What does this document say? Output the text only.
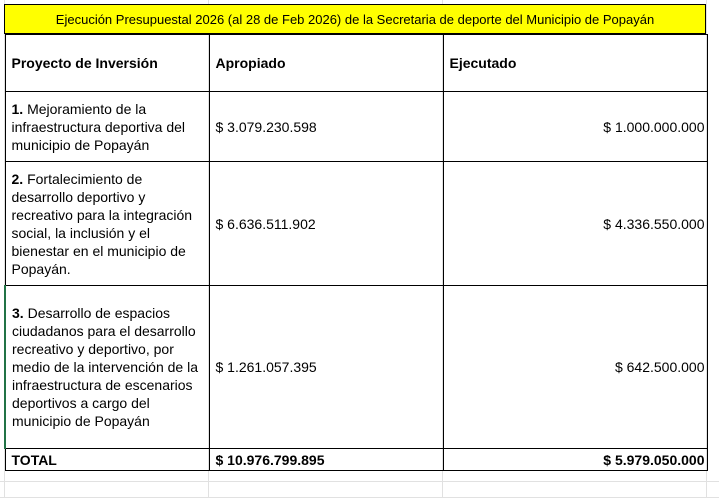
Ejecución Presupuestal 2026 (al 28 de Feb 2026) de la Secretaria de deporte del Municipio de Popayán
Proyecto de Inversión	Apropiado	Ejecutado
1. Mejoramiento de la infraestructura deportiva del municipio de Popayán	$ 3.079.230.598	$ 1.000.000.000
2. Fortalecimiento de desarrollo deportivo y recreativo para la integración social, la inclusión y el bienestar en el municipio de Popayán.	$ 6.636.511.902	$ 4.336.550.000
3. Desarrollo de espacios ciudadanos para el desarrollo recreativo y deportivo, por medio de la intervención de la infraestructura de escenarios deportivos a cargo del municipio de Popayán	$ 1.261.057.395	$ 642.500.000
TOTAL	$ 10.976.799.895	$ 5.979.050.000
